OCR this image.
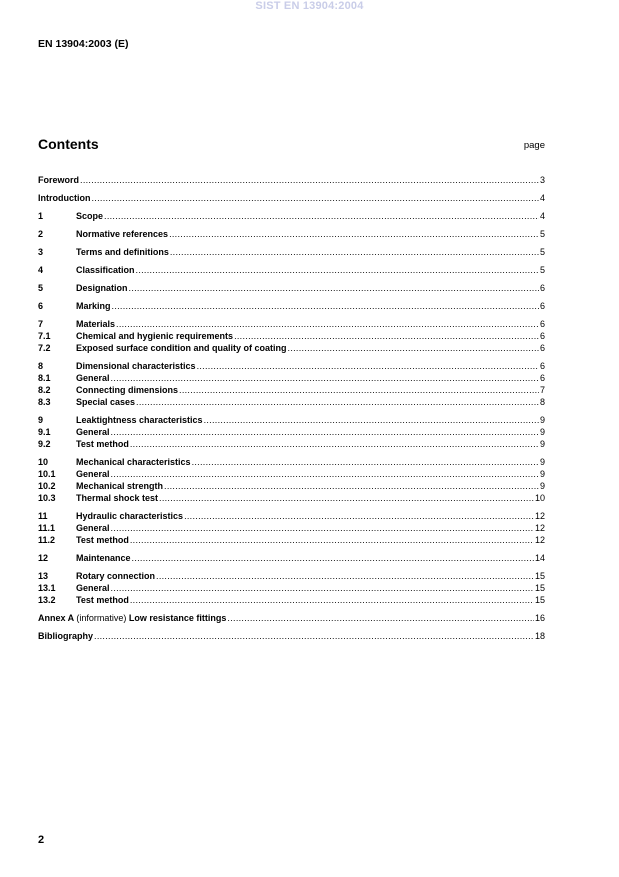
SIST EN 13904:2004
EN 13904:2003 (E)
Contents	page
Foreword .....	3
Introduction .....	4
1	Scope .....	4
2	Normative references .....	5
3	Terms and definitions .....	5
4	Classification .....	5
5	Designation .....	6
6	Marking .....	6
7	Materials .....	6
7.1	Chemical and hygienic requirements .....	6
7.2	Exposed surface condition and quality of coating .....	6
8	Dimensional characteristics .....	6
8.1	General .....	6
8.2	Connecting dimensions .....	7
8.3	Special cases .....	8
9	Leaktightness characteristics .....	9
9.1	General .....	9
9.2	Test method .....	9
10	Mechanical characteristics .....	9
10.1	General .....	9
10.2	Mechanical strength .....	9
10.3	Thermal shock test .....	10
11	Hydraulic characteristics .....	12
11.1	General .....	12
11.2	Test method .....	12
12	Maintenance .....	14
13	Rotary connection .....	15
13.1	General .....	15
13.2	Test method .....	15
Annex A (informative) Low resistance fittings .....	16
Bibliography .....	18
2
